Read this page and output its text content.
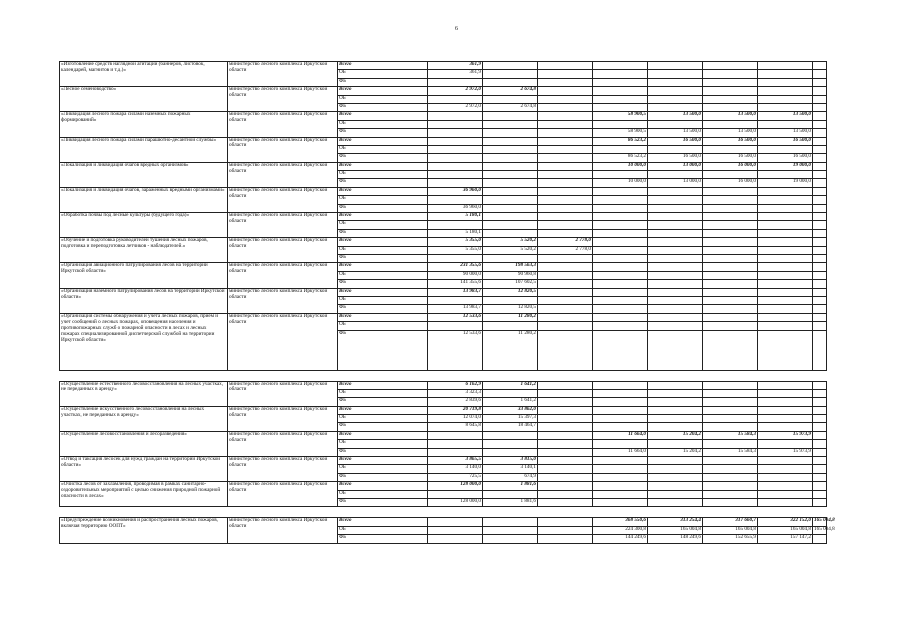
6
«Изготовление средств наглядной агитации (баннеров, листовок, календарей, магнитов и т.д.)»	министерство лесного комплекса Иркутской области	Всего	361,9							
		ОБ	361,9							
		ФБ								
«Лесное семеноводство»	министерство лесного комплекса Иркутской области	Всего	2 972,0	2 674,8						
		ОБ								
		ФБ	2 972,0	2 674,8						
«Ликвидация лесного пожара силами наземных пожарных формирований»	министерство лесного комплекса Иркутской области	Всего				58 900,5	13 500,0	13 500,0	13 500,0	
		ОБ								
		ФБ				58 900,5	13 500,0	13 500,0	13 500,0	
«Ликвидация лесного пожара силами парашютно-десантной службы»	министерство лесного комплекса Иркутской области	Всего				86 523,2	16 500,0	16 500,0	16 500,0	
		ОБ								
		ФБ				86 523,2	16 500,0	16 500,0	16 500,0	
«Локализация и ликвидация очагов вредных организмов»	министерство лесного комплекса Иркутской области	Всего				10 000,0	13 000,0	16 000,0	19 000,0	
		ОБ								
		ФБ				10 000,0	13 000,0	16 000,0	19 000,0	
«Локализация и ликвидация очагов, зараженных вредными организмами»	министерство лесного комплекса Иркутской области	Всего	36 960,0							
		ОБ								
		ФБ	36 960,0							
«Обработка почвы под лесные культуры (будущего года)»	министерство лесного комплекса Иркутской области	Всего	5 180,1							
		ОБ								
		ФБ	5 180,1							
«Обучение и подготовка руководителей тушения лесных пожаров, подготовка и переподготовка летчиков - наблюдателей.»	министерство лесного комплекса Иркутской области	Всего	5 355,0	5 520,2	2 778,0					
		ОБ	5 355,0	5 520,2	2 778,0					
		ФБ								
«Организация авиационного патрулирования лесов на территории Иркутской области»	министерство лесного комплекса Иркутской области	Всего	231 355,6	198 563,3						
		ОБ	90 000,0	90 960,8						
		ФБ	141 355,6	107 602,5						
«Организация наземного патрулирования лесов на территории Иркутской области»	министерство лесного комплекса Иркутской области	Всего	13 983,7	12 820,5						
		ОБ								
		ФБ	13 983,7	12 820,5						
«Организация системы обнаружения и учета лесных пожаров, прием и учет сообщений о лесных пожарах, оповещения населения и противопожарных служб о пожарной опасности в лесах и лесных пожарах специализированной диспетчерской службой на территории Иркутской области»	министерство лесного комплекса Иркутской области	Всего	12 533,6	11 280,2						
		ОБ								
		ФБ	12 533,6	11 280,2						

«Осуществление естественного лесовосстановления на лесных участках, не переданных в аренду»	министерство лесного комплекса Иркутской области	Всего	6 162,9	1 641,2						
		ОБ	3 323,3							
		ФБ	2 839,6	1 641,2						
«Осуществление искусственного лесовосстановления на лесных участках, не переданных в аренду»	министерство лесного комплекса Иркутской области	Всего	20 719,8	33 862,0						
		ОБ	12 074,0	15 397,3						
		ФБ	8 645,8	18 464,7						
«Осуществление лесовосстановления и лесоразведения»	министерство лесного комплекса Иркутской области	Всего				11 664,0	15 204,2	15 584,3	15 973,9	
		ОБ								
		ФБ				11 664,0	15 204,2	15 584,3	15 973,9	
«Отвод и таксация лесосек для нужд граждан на территории Иркутской области»	министерство лесного комплекса Иркутской области	Всего	3 865,5	3 815,0						
		ОБ	3 140,0	3 140,1						
		ФБ	725,5	674,9						
«Очистка лесов от захламления, проводимая в рамках санитарно-оздоровительных мероприятий с целью снижения природной пожарной опасности в лесах»	министерство лесного комплекса Иркутской области	Всего	128 000,0	1 881,6						
		ОБ								
		ФБ	128 000,0	1 881,6						

«Предупреждение возникновения и распространения лесных пожаров, включая территорию ООПТ»	министерство лесного комплекса Иркутской области	Всего				368 550,6	313 254,4	317 660,7	322 152,0	165 004,8
		ОБ				224 300,8	165 004,8	165 004,8	165 004,8	165 004,8
		ФБ				144 249,6	148 249,6	152 655,9	157 147,2	
